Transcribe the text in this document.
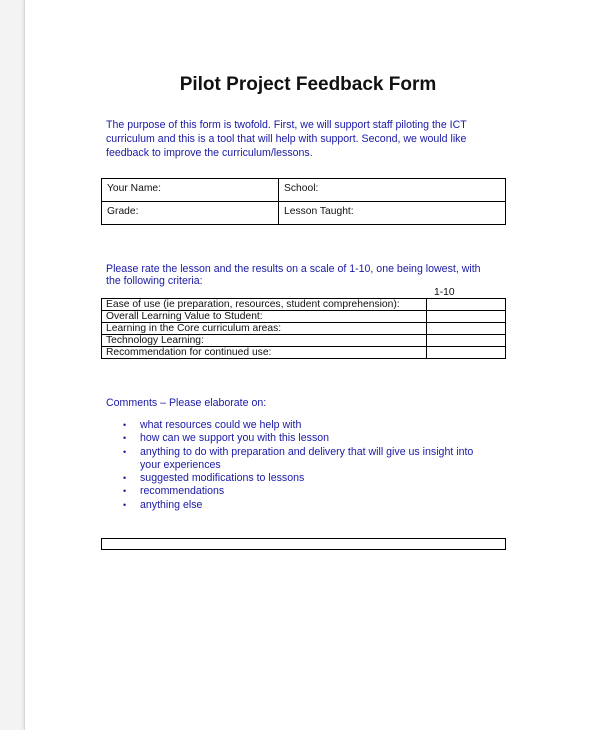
Pilot Project Feedback Form
The purpose of this form is twofold. First, we will support staff piloting the ICT
curriculum and this is a tool that will help with support. Second, we would like
feedback to improve the curriculum/lessons.
Your Name:	School:
Grade:	Lesson Taught:
Please rate the lesson and the results on a scale of 1-10, one being lowest, with
the following criteria:
1-10
Ease of use (ie preparation, resources, student comprehension):	
Overall Learning Value to Student:	
Learning in the Core curriculum areas:	
Technology Learning:	
Recommendation for continued use:	
Comments – Please elaborate on:
• what resources could we help with
• how can we support you with this lesson
• anything to do with preparation and delivery that will give us insight into
your experiences
• suggested modifications to lessons
• recommendations
• anything else
